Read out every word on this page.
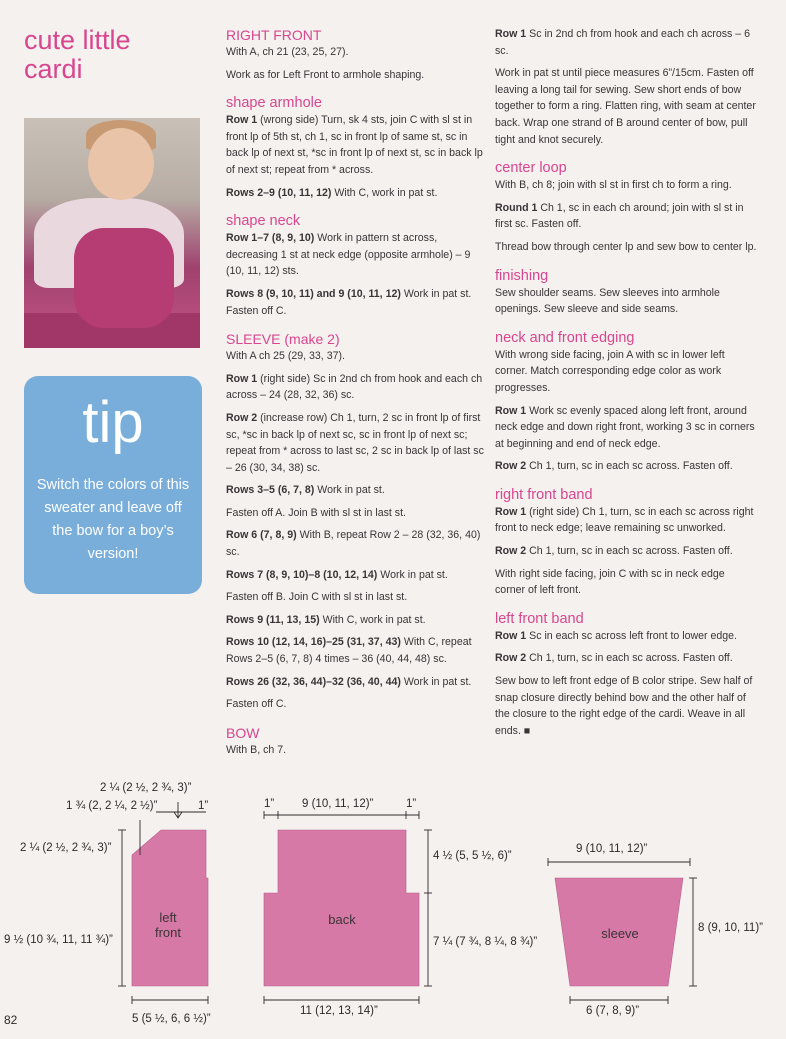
cute little
cardi
tip
Switch the colors of this sweater and leave off the bow for a boy’s version!
RIGHT FRONT

With A, ch 21 (23, 25, 27).

Work as for Left Front to armhole shaping.

shape armhole

Row 1 (wrong side) Turn, sk 4 sts, join C with sl st in front lp of 5th st, ch 1, sc in front lp of same st, sc in back lp of next st, *sc in front lp of next st, sc in back lp of next st; repeat from * across.

Rows 2–9 (10, 11, 12) With C, work in pat st.

shape neck

Row 1–7 (8, 9, 10) Work in pattern st across, decreasing 1 st at neck edge (opposite armhole) – 9 (10, 11, 12) sts.

Rows 8 (9, 10, 11) and 9 (10, 11, 12) Work in pat st. Fasten off C.

SLEEVE (make 2)

With A ch 25 (29, 33, 37).

Row 1 (right side) Sc in 2nd ch from hook and each ch across – 24 (28, 32, 36) sc.

Row 2 (increase row) Ch 1, turn, 2 sc in front lp of first sc, *sc in back lp of next sc, sc in front lp of next sc; repeat from * across to last sc, 2 sc in back lp of last sc – 26 (30, 34, 38) sc.

Rows 3–5 (6, 7, 8) Work in pat st.

Fasten off A. Join B with sl st in last st.

Row 6 (7, 8, 9) With B, repeat Row 2 – 28 (32, 36, 40) sc.

Rows 7 (8, 9, 10)–8 (10, 12, 14) Work in pat st.

Fasten off B. Join C with sl st in last st.

Rows 9 (11, 13, 15) With C, work in pat st.

Rows 10 (12, 14, 16)–25 (31, 37, 43) With C, repeat Rows 2–5 (6, 7, 8) 4 times – 36 (40, 44, 48) sc.

Rows 26 (32, 36, 44)–32 (36, 40, 44) Work in pat st.

Fasten off C.

BOW

With B, ch 7.

Row 1 Sc in 2nd ch from hook and each ch across – 6 sc.

Work in pat st until piece measures 6”/15cm. Fasten off leaving a long tail for sewing. Sew short ends of bow together to form a ring. Flatten ring, with seam at center back. Wrap one strand of B around center of bow, pull tight and knot securely.

center loop

With B, ch 8; join with sl st in first ch to form a ring.

Round 1 Ch 1, sc in each ch around; join with sl st in first sc. Fasten off.

Thread bow through center lp and sew bow to center lp.

finishing

Sew shoulder seams. Sew sleeves into armhole openings. Sew sleeve and side seams.

neck and front edging

With wrong side facing, join A with sc in lower left corner. Match corresponding edge color as work progresses.

Row 1 Work sc evenly spaced along left front, around neck edge and down right front, working 3 sc in corners at beginning and end of neck edge.

Row 2 Ch 1, turn, sc in each sc across. Fasten off.

right front band

Row 1 (right side) Ch 1, turn, sc in each sc across right front to neck edge; leave remaining sc unworked.

Row 2 Ch 1, turn, sc in each sc across. Fasten off.

With right side facing, join C with sc in neck edge corner of left front.

left front band

Row 1 Sc in each sc across left front to lower edge.

Row 2 Ch 1, turn, sc in each sc across. Fasten off.

Sew bow to left front edge of B color stripe. Sew half of snap closure directly behind bow and the other half of the closure to the right edge of the cardi. Weave in all ends. ■

left
front
2 ¼ (2 ½, 2 ¾, 3)”
1 ¾ (2, 2 ¼, 2 ½)”	1”
2 ¼ (2 ½, 2 ¾, 3)”
9 ½ (10 ¾, 11, 11 ¾)”
5 (5 ½, 6, 6 ½)”
back
1” 9 (10, 11, 12)”	1”
4 ½ (5, 5 ½, 6)”
7 ¼ (7 ¾, 8 ¼, 8 ¾)”
11 (12, 13, 14)”
sleeve
9 (10, 11, 12)”
8 (9, 10, 11)”
6 (7, 8, 9)”
82
